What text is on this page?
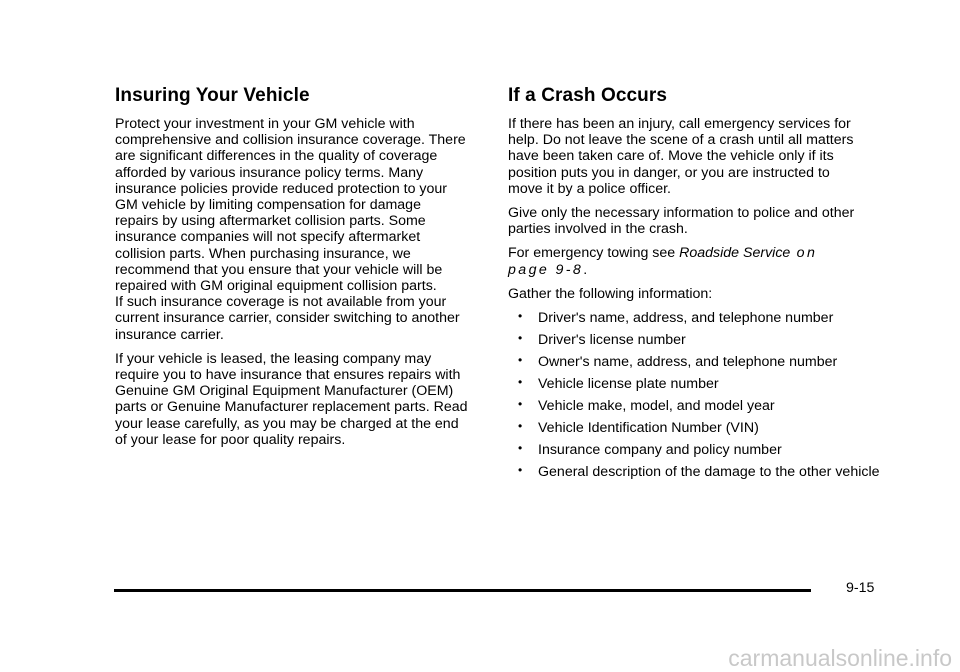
Insuring Your Vehicle

Protect your investment in your GM vehicle with
comprehensive and collision insurance coverage. There
are significant differences in the quality of coverage
afforded by various insurance policy terms. Many
insurance policies provide reduced protection to your
GM vehicle by limiting compensation for damage
repairs by using aftermarket collision parts. Some
insurance companies will not specify aftermarket
collision parts. When purchasing insurance, we
recommend that you ensure that your vehicle will be
repaired with GM original equipment collision parts.
If such insurance coverage is not available from your
current insurance carrier, consider switching to another
insurance carrier.

If your vehicle is leased, the leasing company may
require you to have insurance that ensures repairs with
Genuine GM Original Equipment Manufacturer (OEM)
parts or Genuine Manufacturer replacement parts. Read
your lease carefully, as you may be charged at the end
of your lease for poor quality repairs.

If a Crash Occurs

If there has been an injury, call emergency services for
help. Do not leave the scene of a crash until all matters
have been taken care of. Move the vehicle only if its
position puts you in danger, or you are instructed to
move it by a police officer.

Give only the necessary information to police and other
parties involved in the crash.

For emergency towing see Roadside Service on
page 9-8.

Gather the following information:

• Driver's name, address, and telephone number
• Driver's license number
• Owner's name, address, and telephone number
• Vehicle license plate number
• Vehicle make, model, and model year
• Vehicle Identification Number (VIN)
• Insurance company and policy number
• General description of the damage to the other vehicle
9-15
carmanualsonline.info
